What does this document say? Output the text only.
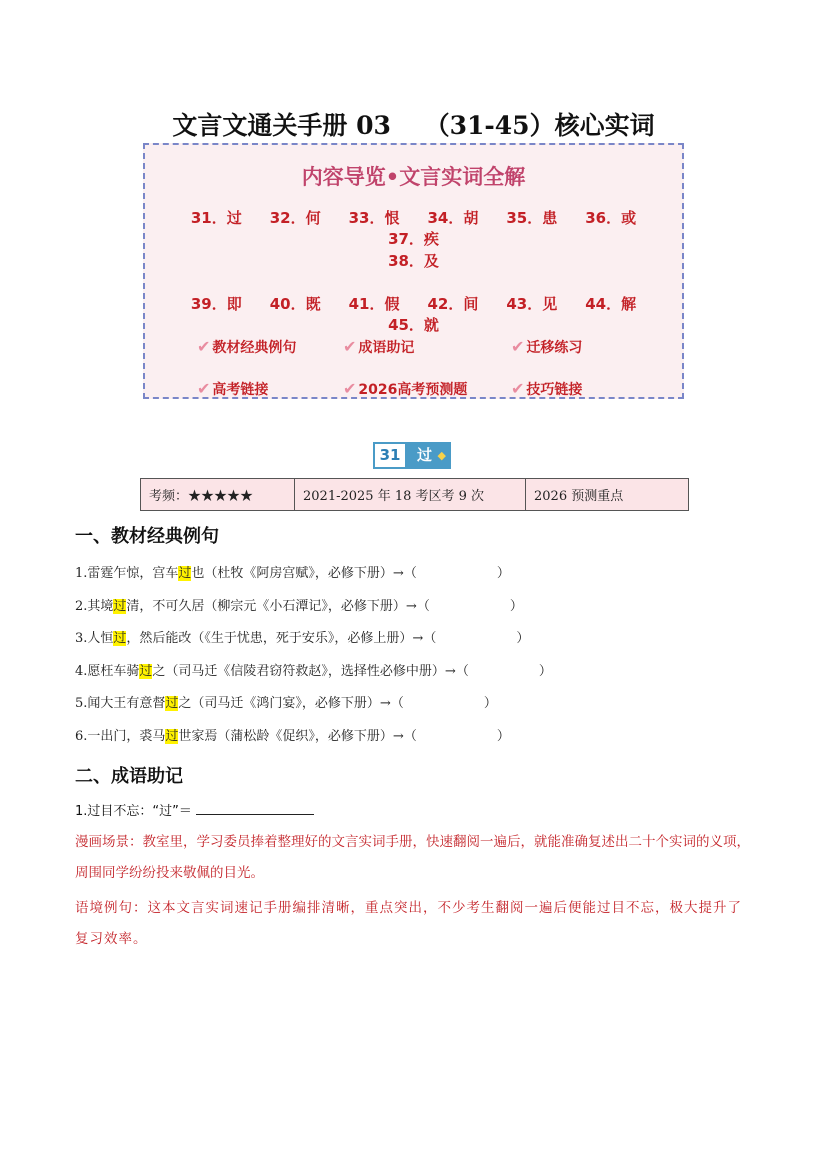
文言文通关手册 03　 （31-45）核心实词
内容导览•文言实词全解
31．过 32．何 33．恨 34．胡 35．患 36．或37．疾
38．及
39．即 40．既 41．假 42．间 43．见 44．解45．就
✔ 教材经典例句	✔ 成语助记	✔ 迁移练习
✔ 高考链接	✔ 2026高考预测题	✔ 技巧链接
31	过 ◆
考频：★★★★★	2021-2025 年 18 考区考 9 次	2026 预测重点
一、教材经典例句
1.雷霆乍惊，宫车过也（杜牧《阿房宫赋》，必修下册）→（	）
2.其境过清，不可久居（柳宗元《小石潭记》，必修下册）→（	）
3.人恒过，然后能改（《生于忧患，死于安乐》，必修上册）→（	）
4.愿枉车骑过之（司马迁《信陵君窃符救赵》，选择性必修中册）→（	）
5.闻大王有意督过之（司马迁《鸿门宴》，必修下册）→（	）
6.一出门，裘马过世家焉（蒲松龄《促织》，必修下册）→（	）
二、成语助记
1.过目不忘：“过”＝
漫画场景：教室里，学习委员捧着整理好的文言实词手册，快速翻阅一遍后，就能准确复述出二十个实词的义项，周围同学纷纷投来敬佩的目光。
语境例句：这本文言实词速记手册编排清晰，重点突出，不少考生翻阅一遍后便能过目不忘，极大提升了复习效率。
